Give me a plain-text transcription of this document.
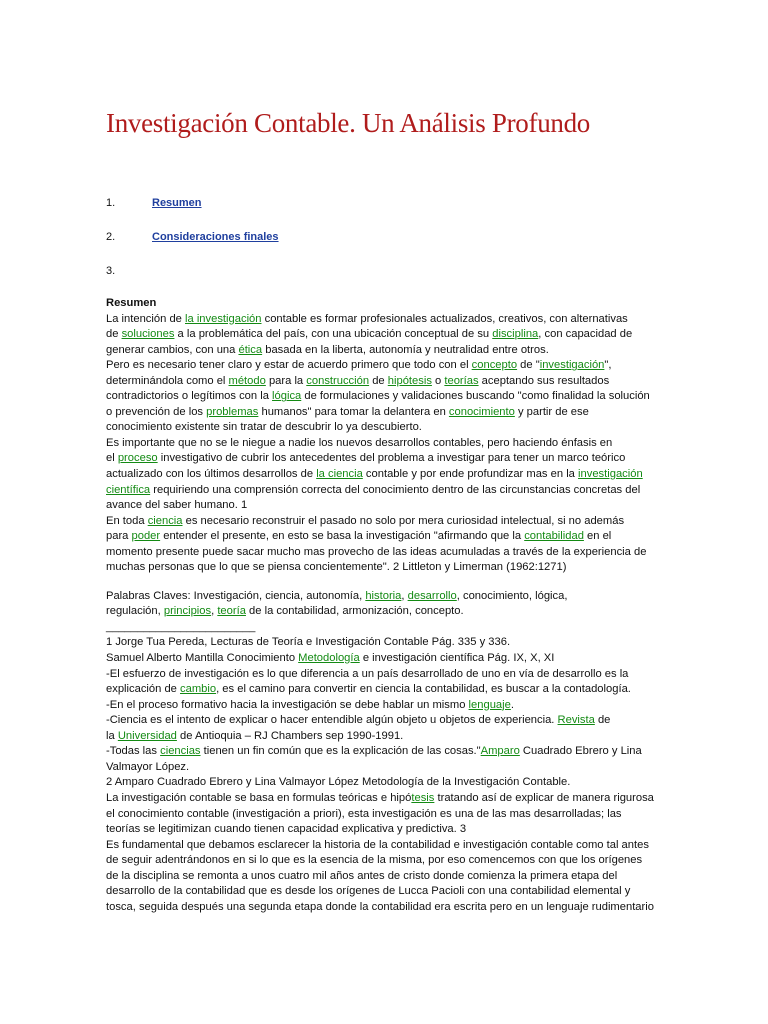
Investigación Contable. Un Análisis Profundo
1.	Resumen
2.	Consideraciones finales
3.
Resumen
La intención de la investigación contable es formar profesionales actualizados, creativos, con alternativas
de soluciones a la problemática del país, con una ubicación conceptual de su disciplina, con capacidad de
generar cambios, con una ética basada en la liberta, autonomía y neutralidad entre otros.
Pero es necesario tener claro y estar de acuerdo primero que todo con el concepto de "investigación",
determinándola como el método para la construcción de hipótesis o teorías aceptando sus resultados
contradictorios o legítimos con la lógica de formulaciones y validaciones buscando "como finalidad la solución
o prevención de los problemas humanos" para tomar la delantera en conocimiento y partir de ese
conocimiento existente sin tratar de descubrir lo ya descubierto.
Es importante que no se le niegue a nadie los nuevos desarrollos contables, pero haciendo énfasis en
el proceso investigativo de cubrir los antecedentes del problema a investigar para tener un marco teórico
actualizado con los últimos desarrollos de la ciencia contable y por ende profundizar mas en la investigación
científica requiriendo una comprensión correcta del conocimiento dentro de las circunstancias concretas del
avance del saber humano. 1
En toda ciencia es necesario reconstruir el pasado no solo por mera curiosidad intelectual, si no además
para poder entender el presente, en esto se basa la investigación "afirmando que la contabilidad en el
momento presente puede sacar mucho mas provecho de las ideas acumuladas a través de la experiencia de
muchas personas que lo que se piensa concientemente". 2 Littleton y Limerman (1962:1271)
Palabras Claves: Investigación, ciencia, autonomía, historia, desarrollo, conocimiento, lógica,
regulación, principios, teoría de la contabilidad, armonización, concepto.
________________________
1 Jorge Tua Pereda, Lecturas de Teoría e Investigación Contable Pág. 335 y 336.
Samuel Alberto Mantilla Conocimiento Metodología e investigación científica Pág. IX, X, XI
-El esfuerzo de investigación es lo que diferencia a un país desarrollado de uno en vía de desarrollo es la
explicación de cambio, es el camino para convertir en ciencia la contabilidad, es buscar a la contadología.
-En el proceso formativo hacia la investigación se debe hablar un mismo lenguaje.
-Ciencia es el intento de explicar o hacer entendible algún objeto u objetos de experiencia. Revista de
la Universidad de Antioquia – RJ Chambers sep 1990-1991.
-Todas las ciencias tienen un fin común que es la explicación de las cosas."Amparo Cuadrado Ebrero y Lina
Valmayor López.
2 Amparo Cuadrado Ebrero y Lina Valmayor López Metodología de la Investigación Contable.
La investigación contable se basa en formulas teóricas e hipótesis tratando así de explicar de manera rigurosa
el conocimiento contable (investigación a priori), esta investigación es una de las mas desarrolladas; las
teorías se legitimizan cuando tienen capacidad explicativa y predictiva. 3
Es fundamental que debamos esclarecer la historia de la contabilidad e investigación contable como tal antes
de seguir adentrándonos en si lo que es la esencia de la misma, por eso comencemos con que los orígenes
de la disciplina se remonta a unos cuatro mil años antes de cristo donde comienza la primera etapa del
desarrollo de la contabilidad que es desde los orígenes de Lucca Pacioli con una contabilidad elemental y
tosca, seguida después una segunda etapa donde la contabilidad era escrita pero en un lenguaje rudimentario
